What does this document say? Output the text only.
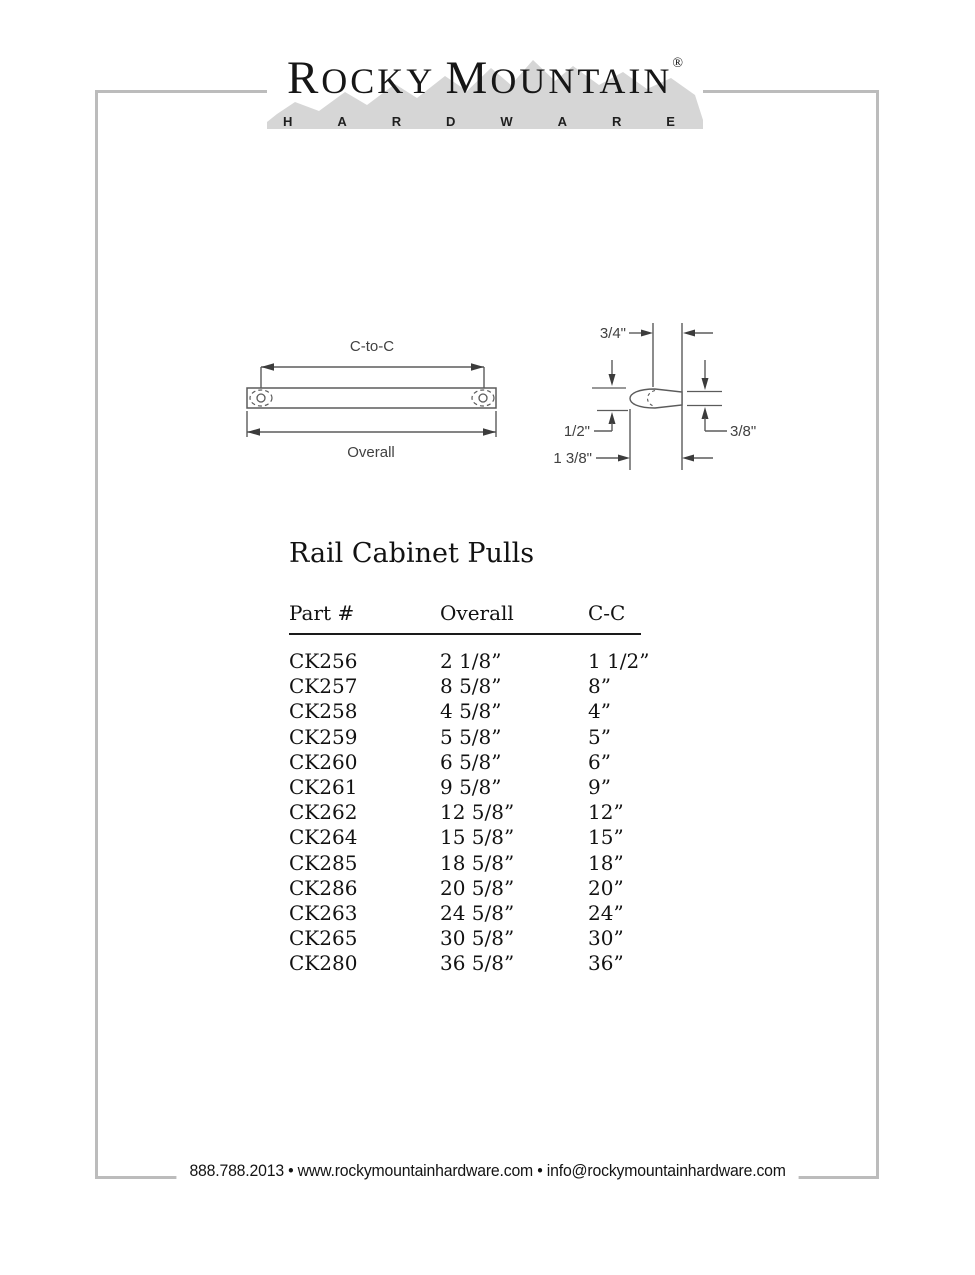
ROCKY  MOUNTAIN®
H	A	R	D	W	A	R	E
C-to-C
Overall
3/4"
1/2"	3/8"
1 3/8"
Rail Cabinet Pulls
Part #	Overall	C-C
CK256	2 1/8”	1 1/2”
CK257	8 5/8”	8”
CK258	4 5/8”	4”
CK259	5 5/8”	5”
CK260	6 5/8”	6”
CK261	9 5/8”	9”
CK262	12 5/8”	12”
CK264	15 5/8”	15”
CK285	18 5/8”	18”
CK286	20 5/8”	20”
CK263	24 5/8”	24”
CK265	30 5/8”	30”
CK280	36 5/8”	36”
888.788.2013 • www.rockymountainhardware.com • info@rockymountainhardware.com
